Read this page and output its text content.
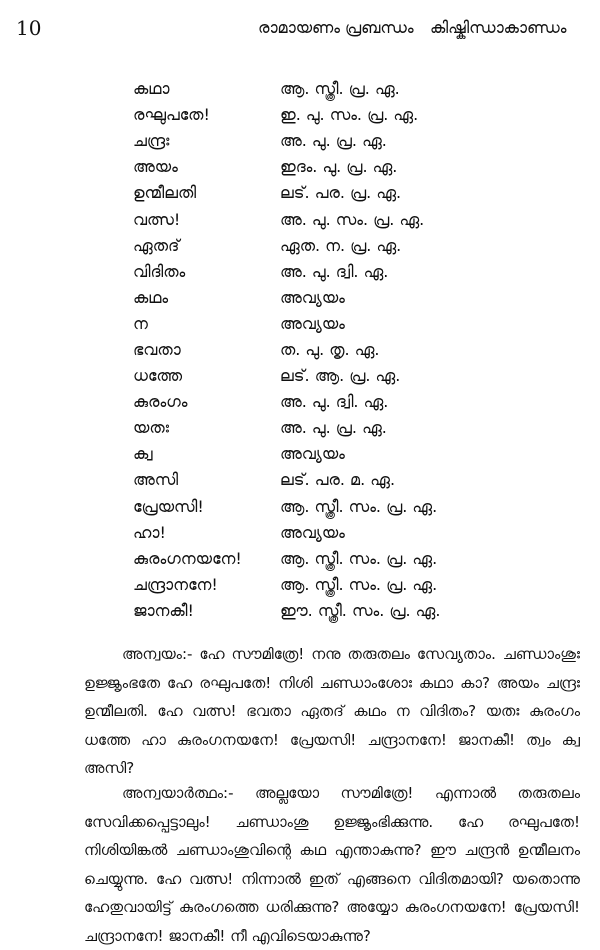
10	രാമായണം പ്രബന്ധം കിഷ്കിന്ധാകാണ്ഡം
കഥാ	ആ. സ്ത്രീ. പ്ര. ഏ.
രഘുപതേ!	ഇ. പു. സം. പ്ര. ഏ.
ചന്ദ്രഃ	അ. പു. പ്ര. ഏ.
അയം	ഇദം. പു. പ്ര. ഏ.
ഉന്മീലതി	ലട്. പര. പ്ര. ഏ.
വത്സ!	അ. പു. സം. പ്ര. ഏ.
ഏതദ്	ഏത. ന. പ്ര. ഏ.
വിദിതം	അ. പു. ദ്വി. ഏ.
കഥം	അവ്യയം
ന	അവ്യയം
ഭവതാ	ത. പു. തൃ. ഏ.
ധത്തേ	ലട്. ആ. പ്ര. ഏ.
കുരംഗം	അ. പു. ദ്വി. ഏ.
യതഃ	അ. പു. പ്ര. ഏ.
ക്വ	അവ്യയം
അസി	ലട്. പര. മ. ഏ.
പ്രേയസി!	ആ. സ്ത്രീ. സം. പ്ര. ഏ.
ഹാ!	അവ്യയം
കുരംഗനയനേ!	ആ. സ്ത്രീ. സം. പ്ര. ഏ.
ചന്ദ്രാനനേ!	ആ. സ്ത്രീ. സം. പ്ര. ഏ.
ജാനകീ!	ഈ. സ്ത്രീ. സം. പ്ര. ഏ.

അന്വയം:- ഹേ സൗമിത്രേ! നനു തരുതലം സേവ്യതാം. ചണ്ഡാംശുഃ ഉജ്ജൃംഭതേ ഹേ രഘുപതേ! നിശി ചണ്ഡാംശോഃ കഥാ കാ? അയം ചന്ദ്രഃ ഉന്മീലതി. ഹേ വത്സ! ഭവതാ ഏതദ് കഥം ന വിദിതം? യതഃ കുരംഗം ധത്തേ ഹാ കുരംഗനയനേ! പ്രേയസി! ചന്ദ്രാനനേ! ജാനകീ! ത്വം ക്വ അസി?

അന്വയാർത്ഥം:- അല്ലയോ സൗമിത്രേ! എന്നാൽ തരുതലം സേവിക്കപ്പെട്ടാലും! ചണ്ഡാംശു ഉജ്ജൃംഭിക്കുന്നു. ഹേ രഘുപതേ! നിശിയിങ്കൽ ചണ്ഡാംശുവിന്റെ കഥ എന്താകുന്നു? ഈ ചന്ദ്രൻ ഉന്മീലനം ചെയ്യുന്നു. ഹേ വത്സ! നിന്നാൽ ഇത് എങ്ങനെ വിദിതമായി? യതൊന്നു ഹേതുവായിട്ട് കുരംഗത്തെ ധരിക്കുന്നു? അയ്യോ കുരംഗനയനേ! പ്രേയസി! ചന്ദ്രാനനേ! ജാനകീ! നീ എവിടെയാകുന്നു?
